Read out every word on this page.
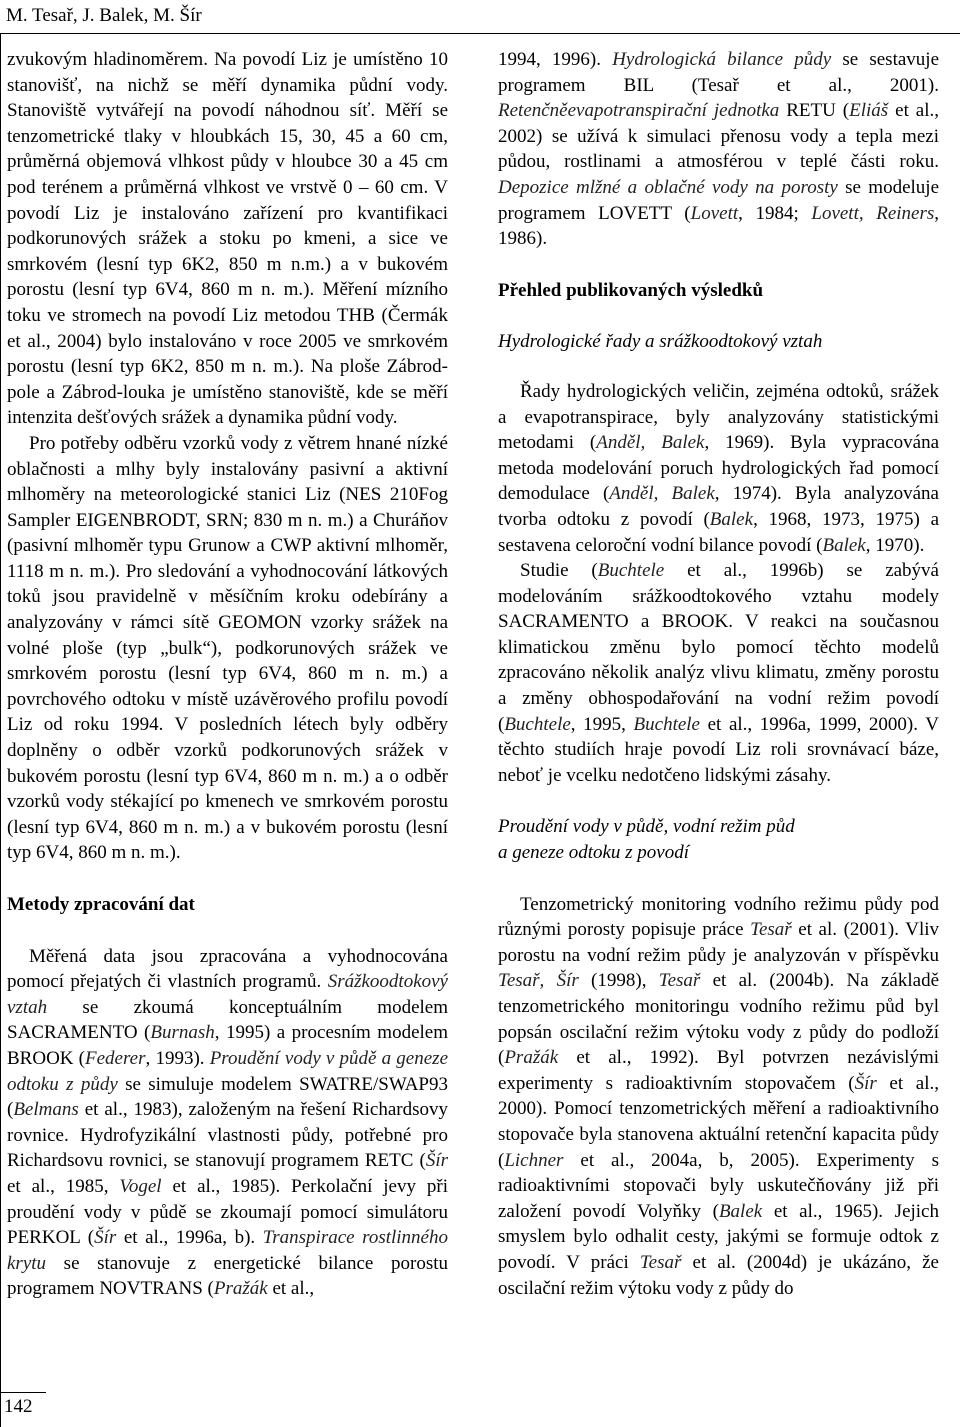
M. Tesař, J. Balek, M. Šír

zvukovým hladinoměrem. Na povodí Liz je umístěno 10 stanovišť, na nichž se měří dynamika půdní vody. Stanoviště vytvářejí na povodí náhodnou síť. Měří se tenzometrické tlaky v hloubkách 15, 30, 45 a 60 cm, průměrná objemová vlhkost půdy v hloubce 30 a 45 cm pod terénem a průměrná vlhkost ve vrstvě 0 – 60 cm. V povodí Liz je instalováno zařízení pro kvantifikaci podkorunových srážek a stoku po kmeni, a sice ve smrkovém (lesní typ 6K2, 850 m n.m.) a v bukovém porostu (lesní typ 6V4, 860 m n. m.). Měření mízního toku ve stromech na povodí Liz metodou THB (Čermák et al., 2004) bylo instalováno v roce 2005 ve smrkovém porostu (lesní typ 6K2, 850 m n. m.). Na ploše Zábrod-pole a Zábrod-louka je umístěno stanoviště, kde se měří intenzita dešťových srážek a dynamika půdní vody.

Pro potřeby odběru vzorků vody z větrem hnané nízké oblačnosti a mlhy byly instalovány pasivní a aktivní mlhoměry na meteorologické stanici Liz (NES 210Fog Sampler EIGENBRODT, SRN; 830 m n. m.) a Churáňov (pasivní mlhoměr typu Grunow a CWP aktivní mlhoměr, 1118 m n. m.). Pro sledování a vyhodnocování látkových toků jsou pravidelně v měsíčním kroku odebírány a analyzovány v rámci sítě GEOMON vzorky srážek na volné ploše (typ „bulk“), podkorunových srážek ve smrkovém porostu (lesní typ 6V4, 860 m n. m.) a povrchového odtoku v místě uzávěrového profilu povodí Liz od roku 1994. V posledních létech byly odběry doplněny o odběr vzorků podkorunových srážek v bukovém porostu (lesní typ 6V4, 860 m n. m.) a o odběr vzorků vody stékající po kmenech ve smrkovém porostu (lesní typ 6V4, 860 m n. m.) a v bukovém porostu (lesní typ 6V4, 860 m n. m.).

Metody zpracování dat

Měřená data jsou zpracována a vyhodnocována pomocí přejatých či vlastních programů. Srážkoodtokový vztah se zkoumá konceptuálním modelem SACRAMENTO (Burnash, 1995) a procesním modelem BROOK (Federer, 1993). Proudění vody v půdě a geneze odtoku z půdy se simuluje modelem SWATRE/SWAP93 (Belmans et al., 1983), založeným na řešení Richardsovy rovnice. Hydrofyzikální vlastnosti půdy, potřebné pro Richardsovu rovnici, se stanovují programem RETC (Šír et al., 1985, Vogel et al., 1985). Perkolační jevy při proudění vody v půdě se zkoumají pomocí simulátoru PERKOL (Šír et al., 1996a, b). Transpirace rostlinného krytu se stanovuje z energetické bilance porostu programem NOVTRANS (Pražák et al.,

1994, 1996). Hydrologická bilance půdy se sestavuje programem BIL (Tesař et al., 2001). Retenčněevapotranspirační jednotka RETU (Eliáš et al., 2002) se užívá k simulaci přenosu vody a tepla mezi půdou, rostlinami a atmosférou v teplé části roku. Depozice mlžné a oblačné vody na porosty se modeluje programem LOVETT (Lovett, 1984; Lovett, Reiners, 1986).

Přehled publikovaných výsledků

Hydrologické řady a srážkoodtokový vztah

Řady hydrologických veličin, zejména odtoků, srážek a evapotranspirace, byly analyzovány statistickými metodami (Anděl, Balek, 1969). Byla vypracována metoda modelování poruch hydrologických řad pomocí demodulace (Anděl, Balek, 1974). Byla analyzována tvorba odtoku z povodí (Balek, 1968, 1973, 1975) a sestavena celoroční vodní bilance povodí (Balek, 1970).

Studie (Buchtele et al., 1996b) se zabývá modelováním srážkoodtokového vztahu modely SACRAMENTO a BROOK. V reakci na současnou klimatickou změnu bylo pomocí těchto modelů zpracováno několik analýz vlivu klimatu, změny porostu a změny obhospodařování na vodní režim povodí (Buchtele, 1995, Buchtele et al., 1996a, 1999, 2000). V těchto studiích hraje povodí Liz roli srovnávací báze, neboť je vcelku nedotčeno lidskými zásahy.

Proudění vody v půdě, vodní režim půd
a geneze odtoku z povodí

Tenzometrický monitoring vodního režimu půdy pod různými porosty popisuje práce Tesař et al. (2001). Vliv porostu na vodní režim půdy je analyzován v příspěvku Tesař, Šír (1998), Tesař et al. (2004b). Na základě tenzometrického monitoringu vodního režimu půd byl popsán oscilační režim výtoku vody z půdy do podloží (Pražák et al., 1992). Byl potvrzen nezávislými experimenty s radioaktivním stopovačem (Šír et al., 2000). Pomocí tenzometrických měření a radioaktivního stopovače byla stanovena aktuální retenční kapacita půdy (Lichner et al., 2004a, b, 2005). Experimenty s radioaktivními stopovači byly uskutečňovány již při založení povodí Volyňky (Balek et al., 1965). Jejich smyslem bylo odhalit cesty, jakými se formuje odtok z povodí. V práci Tesař et al. (2004d) je ukázáno, že oscilační režim výtoku vody z půdy do

142
